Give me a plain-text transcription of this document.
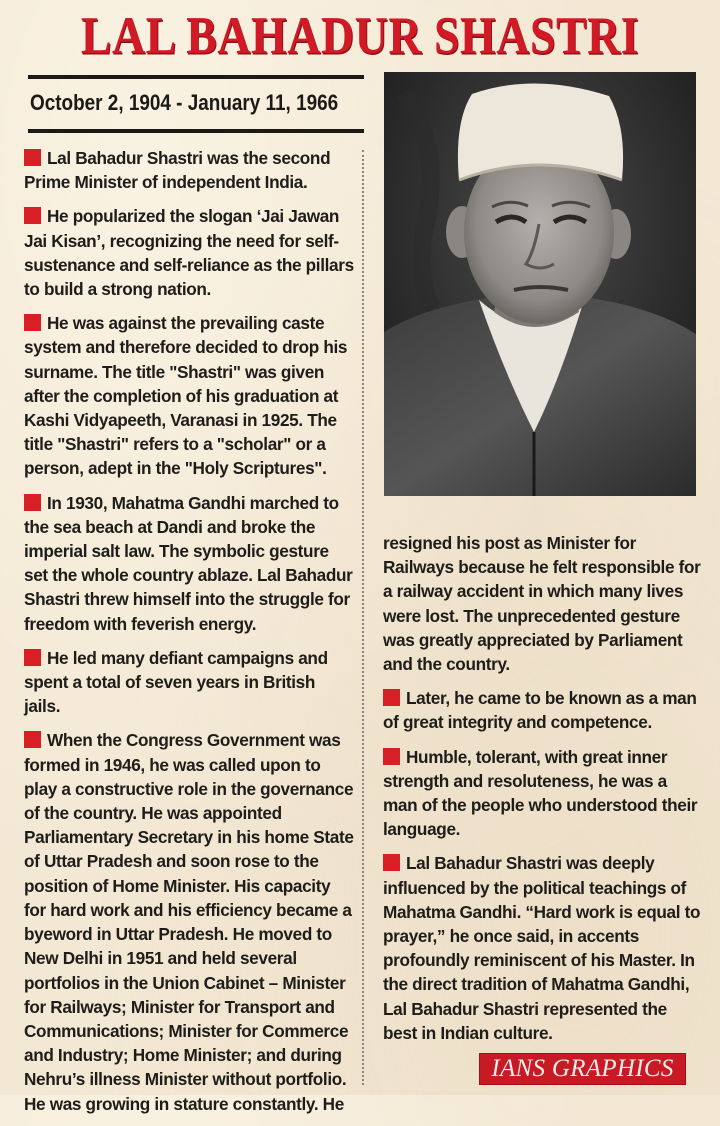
LAL BAHADUR SHASTRI
October 2, 1904 - January 11, 1966

Lal Bahadur Shastri was the second Prime Minister of independent India.

He popularized the slogan ‘Jai Jawan Jai Kisan’, recognizing the need for self-sustenance and self-reliance as the pillars to build a strong nation.

He was against the prevailing caste system and therefore decided to drop his surname. The title "Shastri" was given after the completion of his graduation at Kashi Vidyapeeth, Varanasi in 1925. The title "Shastri" refers to a "scholar" or a person, adept in the "Holy Scriptures".

In 1930, Mahatma Gandhi marched to the sea beach at Dandi and broke the imperial salt law. The symbolic gesture set the whole country ablaze. Lal Bahadur Shastri threw himself into the struggle for freedom with feverish energy.

He led many defiant campaigns and spent a total of seven years in British jails.

When the Congress Government was formed in 1946, he was called upon to play a constructive role in the governance of the country. He was appointed Parliamentary Secretary in his home State of Uttar Pradesh and soon rose to the position of Home Minister. His capacity for hard work and his efficiency became a byeword in Uttar Pradesh. He moved to New Delhi in 1951 and held several portfolios in the Union Cabinet – Minister for Railways; Minister for Transport and Communications; Minister for Commerce and Industry; Home Minister; and during Nehru’s illness Minister without portfolio. He was growing in stature constantly. He

resigned his post as Minister for Railways because he felt responsible for a railway accident in which many lives were lost. The unprecedented gesture was greatly appreciated by Parliament and the country.

Later, he came to be known as a man of great integrity and competence.

Humble, tolerant, with great inner strength and resoluteness, he was a man of the people who understood their language.

Lal Bahadur Shastri was deeply influenced by the political teachings of Mahatma Gandhi. “Hard work is equal to prayer,” he once said, in accents profoundly reminiscent of his Master. In the direct tradition of Mahatma Gandhi, Lal Bahadur Shastri represented the best in Indian culture.

IANS GRAPHICS
